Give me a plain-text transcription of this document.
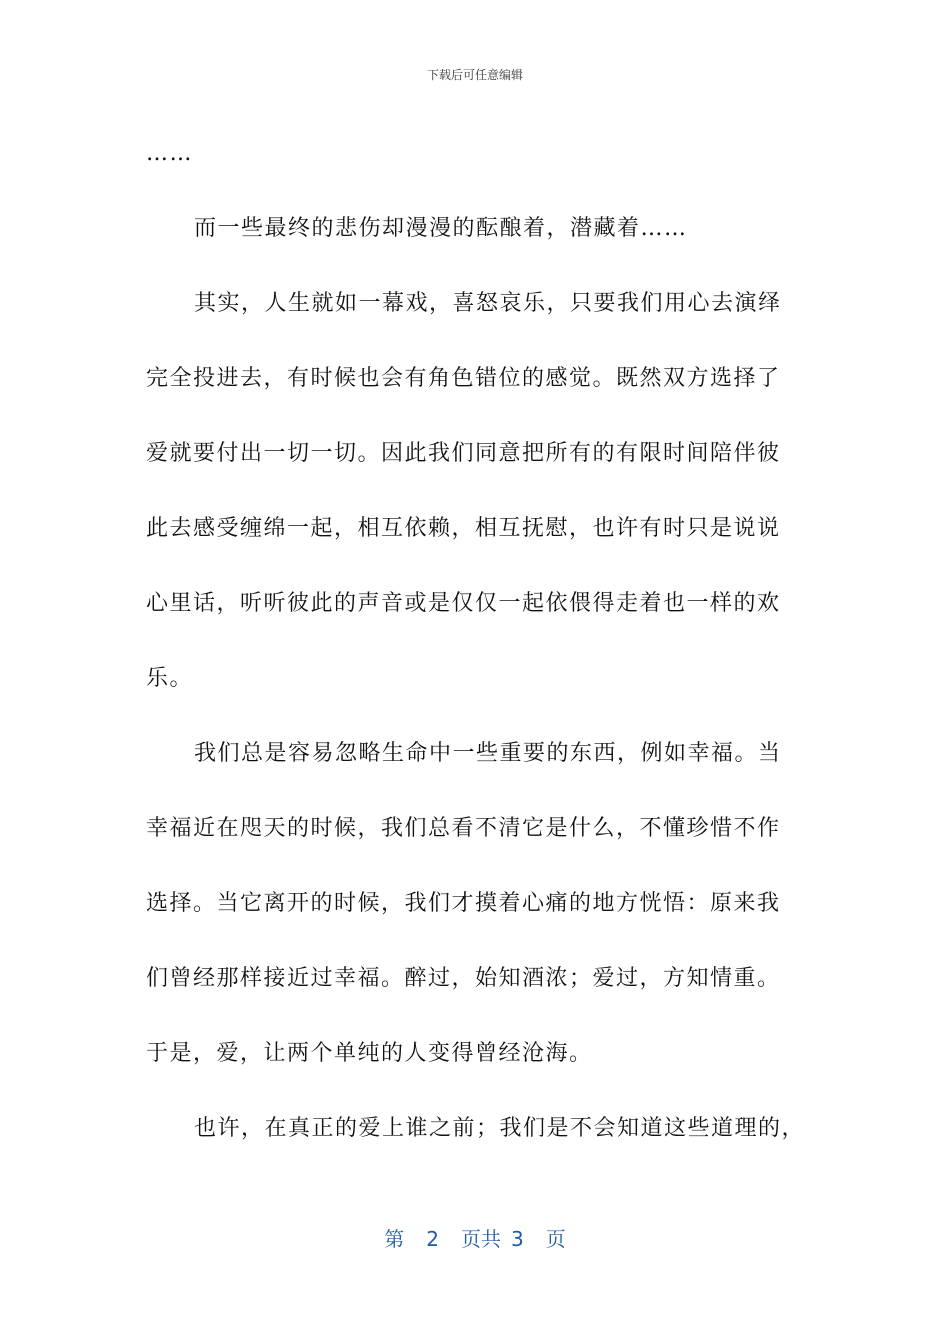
下载后可任意编辑
……
而一些最终的悲伤却漫漫的酝酿着，潜藏着……
其实，人生就如一幕戏，喜怒哀乐，只要我们用心去演绎
完全投进去，有时候也会有角色错位的感觉。既然双方选择了
爱就要付出一切一切。因此我们同意把所有的有限时间陪伴彼
此去感受缠绵一起，相互依赖，相互抚慰，也许有时只是说说
心里话，听听彼此的声音或是仅仅一起依偎得走着也一样的欢
乐。
我们总是容易忽略生命中一些重要的东西，例如幸福。当
幸福近在咫天的时候，我们总看不清它是什么，不懂珍惜不作
选择。当它离开的时候，我们才摸着心痛的地方恍悟：原来我
们曾经那样接近过幸福。醉过，始知酒浓；爱过，方知情重。
于是，爱，让两个单纯的人变得曾经沧海。
也许，在真正的爱上谁之前；我们是不会知道这些道理的，
第 2 页共 3 页
